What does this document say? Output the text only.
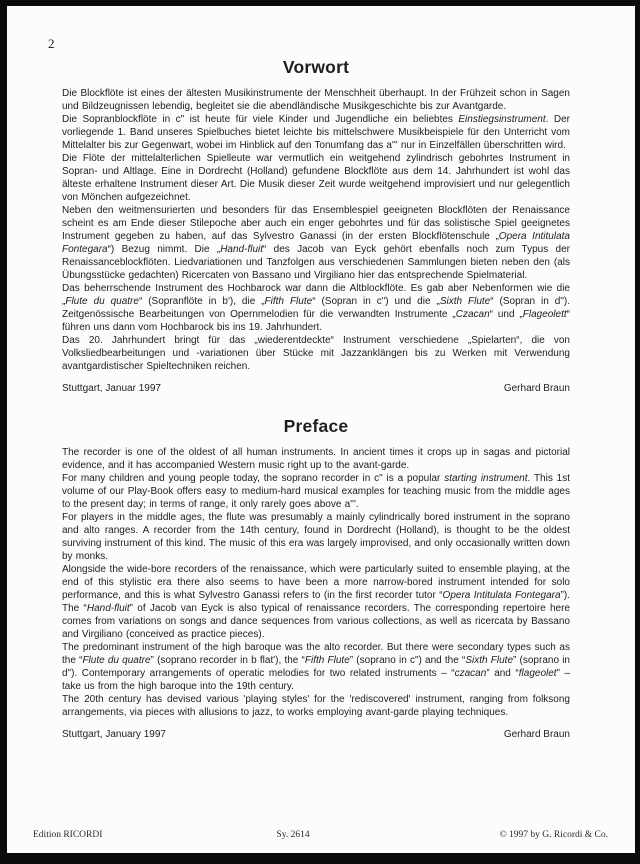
2
Vorwort

Die Blockflöte ist eines der ältesten Musikinstrumente der Menschheit überhaupt. In der Frühzeit schon in Sagen und Bildzeugnissen lebendig, begleitet sie die abendländische Musikgeschichte bis zur Avantgarde.

Die Sopranblockflöte in c" ist heute für viele Kinder und Jugendliche ein beliebtes Einstiegsinstrument. Der vorliegende 1. Band unseres Spielbuches bietet leichte bis mittelschwere Musikbeispiele für den Unterricht vom Mittelalter bis zur Gegenwart, wobei im Hinblick auf den Tonumfang das a''' nur in Einzelfällen überschritten wird.

Die Flöte der mittelalterlichen Spielleute war vermutlich ein weitgehend zylindrisch gebohrtes Instrument in Sopran- und Altlage. Eine in Dordrecht (Holland) gefundene Blockflöte aus dem 14. Jahrhundert ist wohl das älteste erhaltene Instrument dieser Art. Die Musik dieser Zeit wurde weitgehend improvisiert und nur gelegentlich von Mönchen aufgezeichnet.

Neben den weitmensurierten und besonders für das Ensemblespiel geeigneten Blockflöten der Renaissance scheint es am Ende dieser Stilepoche aber auch ein enger gebohrtes und für das solistische Spiel geeignetes Instrument gegeben zu haben, auf das Sylvestro Ganassi (in der ersten Blockflötenschule „Opera Intitulata Fontegara“) Bezug nimmt. Die „Hand-fluit“ des Jacob van Eyck gehört ebenfalls noch zum Typus der Renaissanceblockflöten. Liedvariationen und Tanzfolgen aus verschiedenen Sammlungen bieten neben den (als Übungsstücke gedachten) Ricercaten von Bassano und Virgiliano hier das entsprechende Spielmaterial.

Das beherrschende Instrument des Hochbarock war dann die Altblockflöte. Es gab aber Nebenformen wie die „Flute du quatre“ (Sopranflöte in b'), die „Fifth Flute“ (Sopran in c") und die „Sixth Flute“ (Sopran in d"). Zeitgenössische Bearbeitungen von Opernmelodien für die verwandten Instrumente „Czacan“ und „Flageolett“ führen uns dann vom Hochbarock bis ins 19. Jahrhundert.

Das 20. Jahrhundert bringt für das „wiederentdeckte“ Instrument verschiedene „Spielarten“, die von Volksliedbearbeitungen und -variationen über Stücke mit Jazzanklängen bis zu Werken mit Verwendung avantgardistischer Spieltechniken reichen.

Stuttgart, Januar 1997	Gerhard Braun
Preface

The recorder is one of the oldest of all human instruments. In ancient times it crops up in sagas and pictorial evidence, and it has accompanied Western music right up to the avant-garde.

For many children and young people today, the soprano recorder in c" is a popular starting instrument. This 1st volume of our Play-Book offers easy to medium-hard musical examples for teaching music from the middle ages to the present day; in terms of range, it only rarely goes above a'''.

For players in the middle ages, the flute was presumably a mainly cylindrically bored instrument in the soprano and alto ranges. A recorder from the 14th century, found in Dordrecht (Holland), is thought to be the oldest surviving instrument of this kind. The music of this era was largely improvised, and only occasionally written down by monks.

Alongside the wide-bore recorders of the renaissance, which were particularly suited to ensemble playing, at the end of this stylistic era there also seems to have been a more narrow-bored instrument intended for solo performance, and this is what Sylvestro Ganassi refers to (in the first recorder tutor “Opera Intitulata Fontegara”). The “Hand-fluit” of Jacob van Eyck is also typical of renaissance recorders. The corresponding repertoire here comes from variations on songs and dance sequences from various collections, as well as ricercata by Bassano and Virgiliano (conceived as practice pieces).

The predominant instrument of the high baroque was the alto recorder. But there were secondary types such as the “Flute du quatre” (soprano recorder in b flat'), the “Fifth Flute” (soprano in c") and the “Sixth Flute” (soprano in d"). Contemporary arrangements of operatic melodies for two related instruments – “czacan” and “flageolet” – take us from the high baroque into the 19th century.

The 20th century has devised various 'playing styles' for the 'rediscovered' instrument, ranging from folksong arrangements, via pieces with allusions to jazz, to works employing avant-garde playing techniques.

Stuttgart, January 1997	Gerhard Braun
Edition RICORDI	Sy. 2614	© 1997 by G. Ricordi & Co.
